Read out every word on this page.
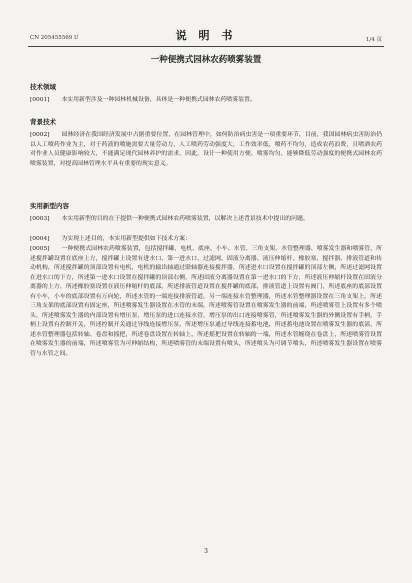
CN 205455569 U	说 明 书	1/4 页
一种便携式园林农药喷雾装置
技术领域

[0001]　　本实用新型涉及一种园林机械设备，具体是一种便携式园林农药喷雾装置。

背景技术

[0002]　　园林经济在我国经济发展中占据重要位置，在园林管理中，如何防治病虫害是一项重要环节，目前，我国园林病虫害防治仍以人工喷药作业为主，对于药液的喷施需要大量劳动力，人工喷药劳动强度大，工作效率低，喷药不均匀，造成农药浪费，且喷洒农药对作业人员健康影响较大，不能满足现代园林养护的需求，因此，设计一种使用方便、喷雾均匀、能够降低劳动强度的便携式园林农药喷雾装置，对提高园林管理水平具有重要的现实意义。

实用新型内容

[0003]　　本实用新型的目的在于提供一种便携式园林农药喷雾装置，以解决上述背景技术中提出的问题。

[0004]　　为实现上述目的，本实用新型提供如下技术方案：

[0005]　　一种便携式园林农药喷雾装置，包括搅拌罐、电机、底座、小车、水管、三角支架、水管整理器、喷雾发生器和喷雾管，所述搅拌罐设置在底座上方，搅拌罐上设置有进水口、第一进水口、过滤网、固液分离器、液压伸缩杆、橡胶塞、搅拌器、排液管道和传动机构，所述搅拌罐的顶部设置有电机，电机的输出轴通过联轴器连接搅拌器，所述进水口设置在搅拌罐的顶部左侧，所述过滤网设置在进水口的下方，所述第一进水口设置在搅拌罐的顶部右侧，所述固液分离器设置在第一进水口的下方，所述液压伸缩杆设置在固液分离器的上方，所述橡胶塞设置在液压伸缩杆的底部，所述排液管道设置在搅拌罐的底部，排液管道上设置有阀门，所述底座的底部设置有小车，小车的底部设置有万向轮，所述水管的一端连接排液管道，另一端连接水管整理器，所述水管整理器设置在三角支架上，所述三角支架的底部设置有固定座，所述喷雾发生器设置在水管的末端，所述喷雾管设置在喷雾发生器的前端，所述喷雾管上设置有多个喷头，所述喷雾发生器的内部设置有增压泵，增压泵的进口连接水管，增压泵的出口连接喷雾管，所述喷雾发生器的外侧设置有手柄，手柄上设置有控制开关，所述控制开关通过导线连接增压泵，所述增压泵通过导线连接蓄电池，所述蓄电池设置在喷雾发生器的底部，所述水管整理器包括转轴、卷盘和摇把，所述卷盘设置在转轴上，所述摇把设置在转轴的一端，所述水管缠绕在卷盘上，所述喷雾管设置在喷雾发生器的前端，所述喷雾管为可伸缩结构，所述喷雾管的末端设置有喷头，所述喷头为可调节喷头，所述喷雾发生器设置在喷雾管与水管之间。

3
